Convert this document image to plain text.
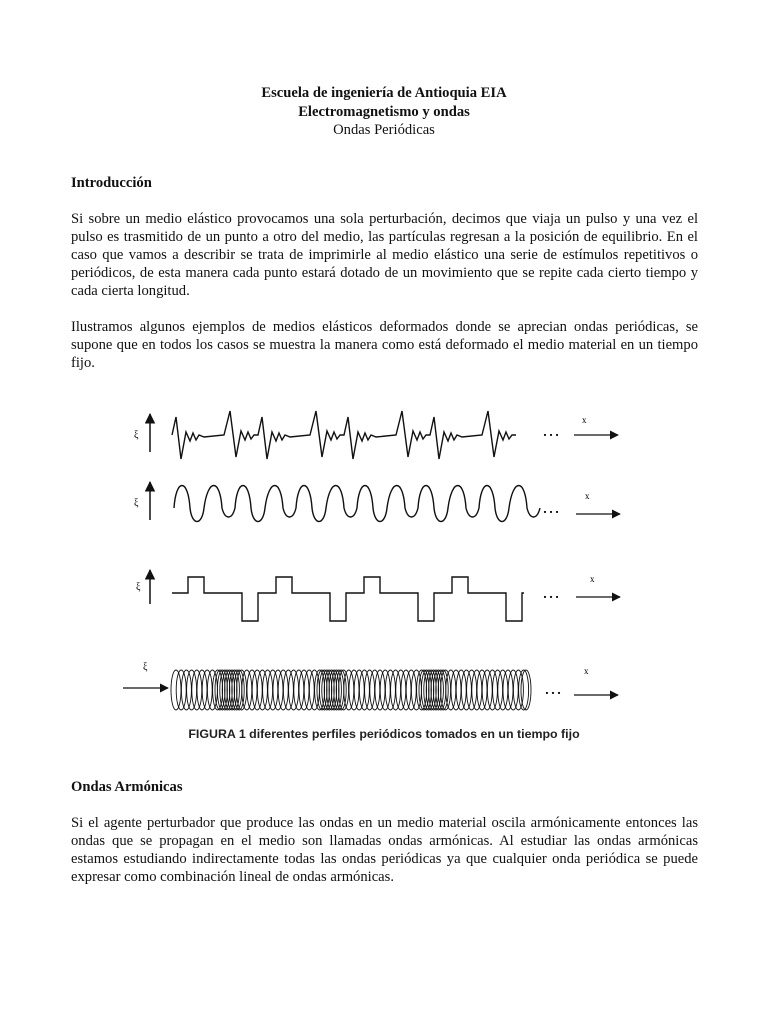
Escuela de ingeniería de Antioquia EIA
Electromagnetismo y ondas
Ondas Periódicas
Introducción
Si sobre un medio elástico provocamos una sola perturbación, decimos que viaja un pulso y una vez el pulso es trasmitido de un punto a otro del medio, las partículas regresan a la posición de equilibrio. En el caso que vamos a describir se trata de imprimirle al medio elástico una serie de estímulos repetitivos o periódicos, de esta manera cada punto estará dotado de un movimiento que se repite cada cierto tiempo y cada cierta longitud.
Ilustramos algunos ejemplos de medios elásticos deformados donde se aprecian ondas periódicas, se supone que en todos los casos se muestra la manera como está deformado el medio material en un tiempo fijo.
ξ	… x
ξ	…
x
ξ	…
x
ξ
…
x
FIGURA 1 diferentes perfiles periódicos tomados en un tiempo fijo
Ondas Armónicas
Si el agente perturbador que produce las ondas en un medio material oscila armónicamente entonces las ondas que se propagan en el medio son llamadas ondas armónicas. Al estudiar las ondas armónicas estamos estudiando indirectamente todas las ondas periódicas ya que cualquier onda periódica se puede expresar como combinación lineal de ondas armónicas.
